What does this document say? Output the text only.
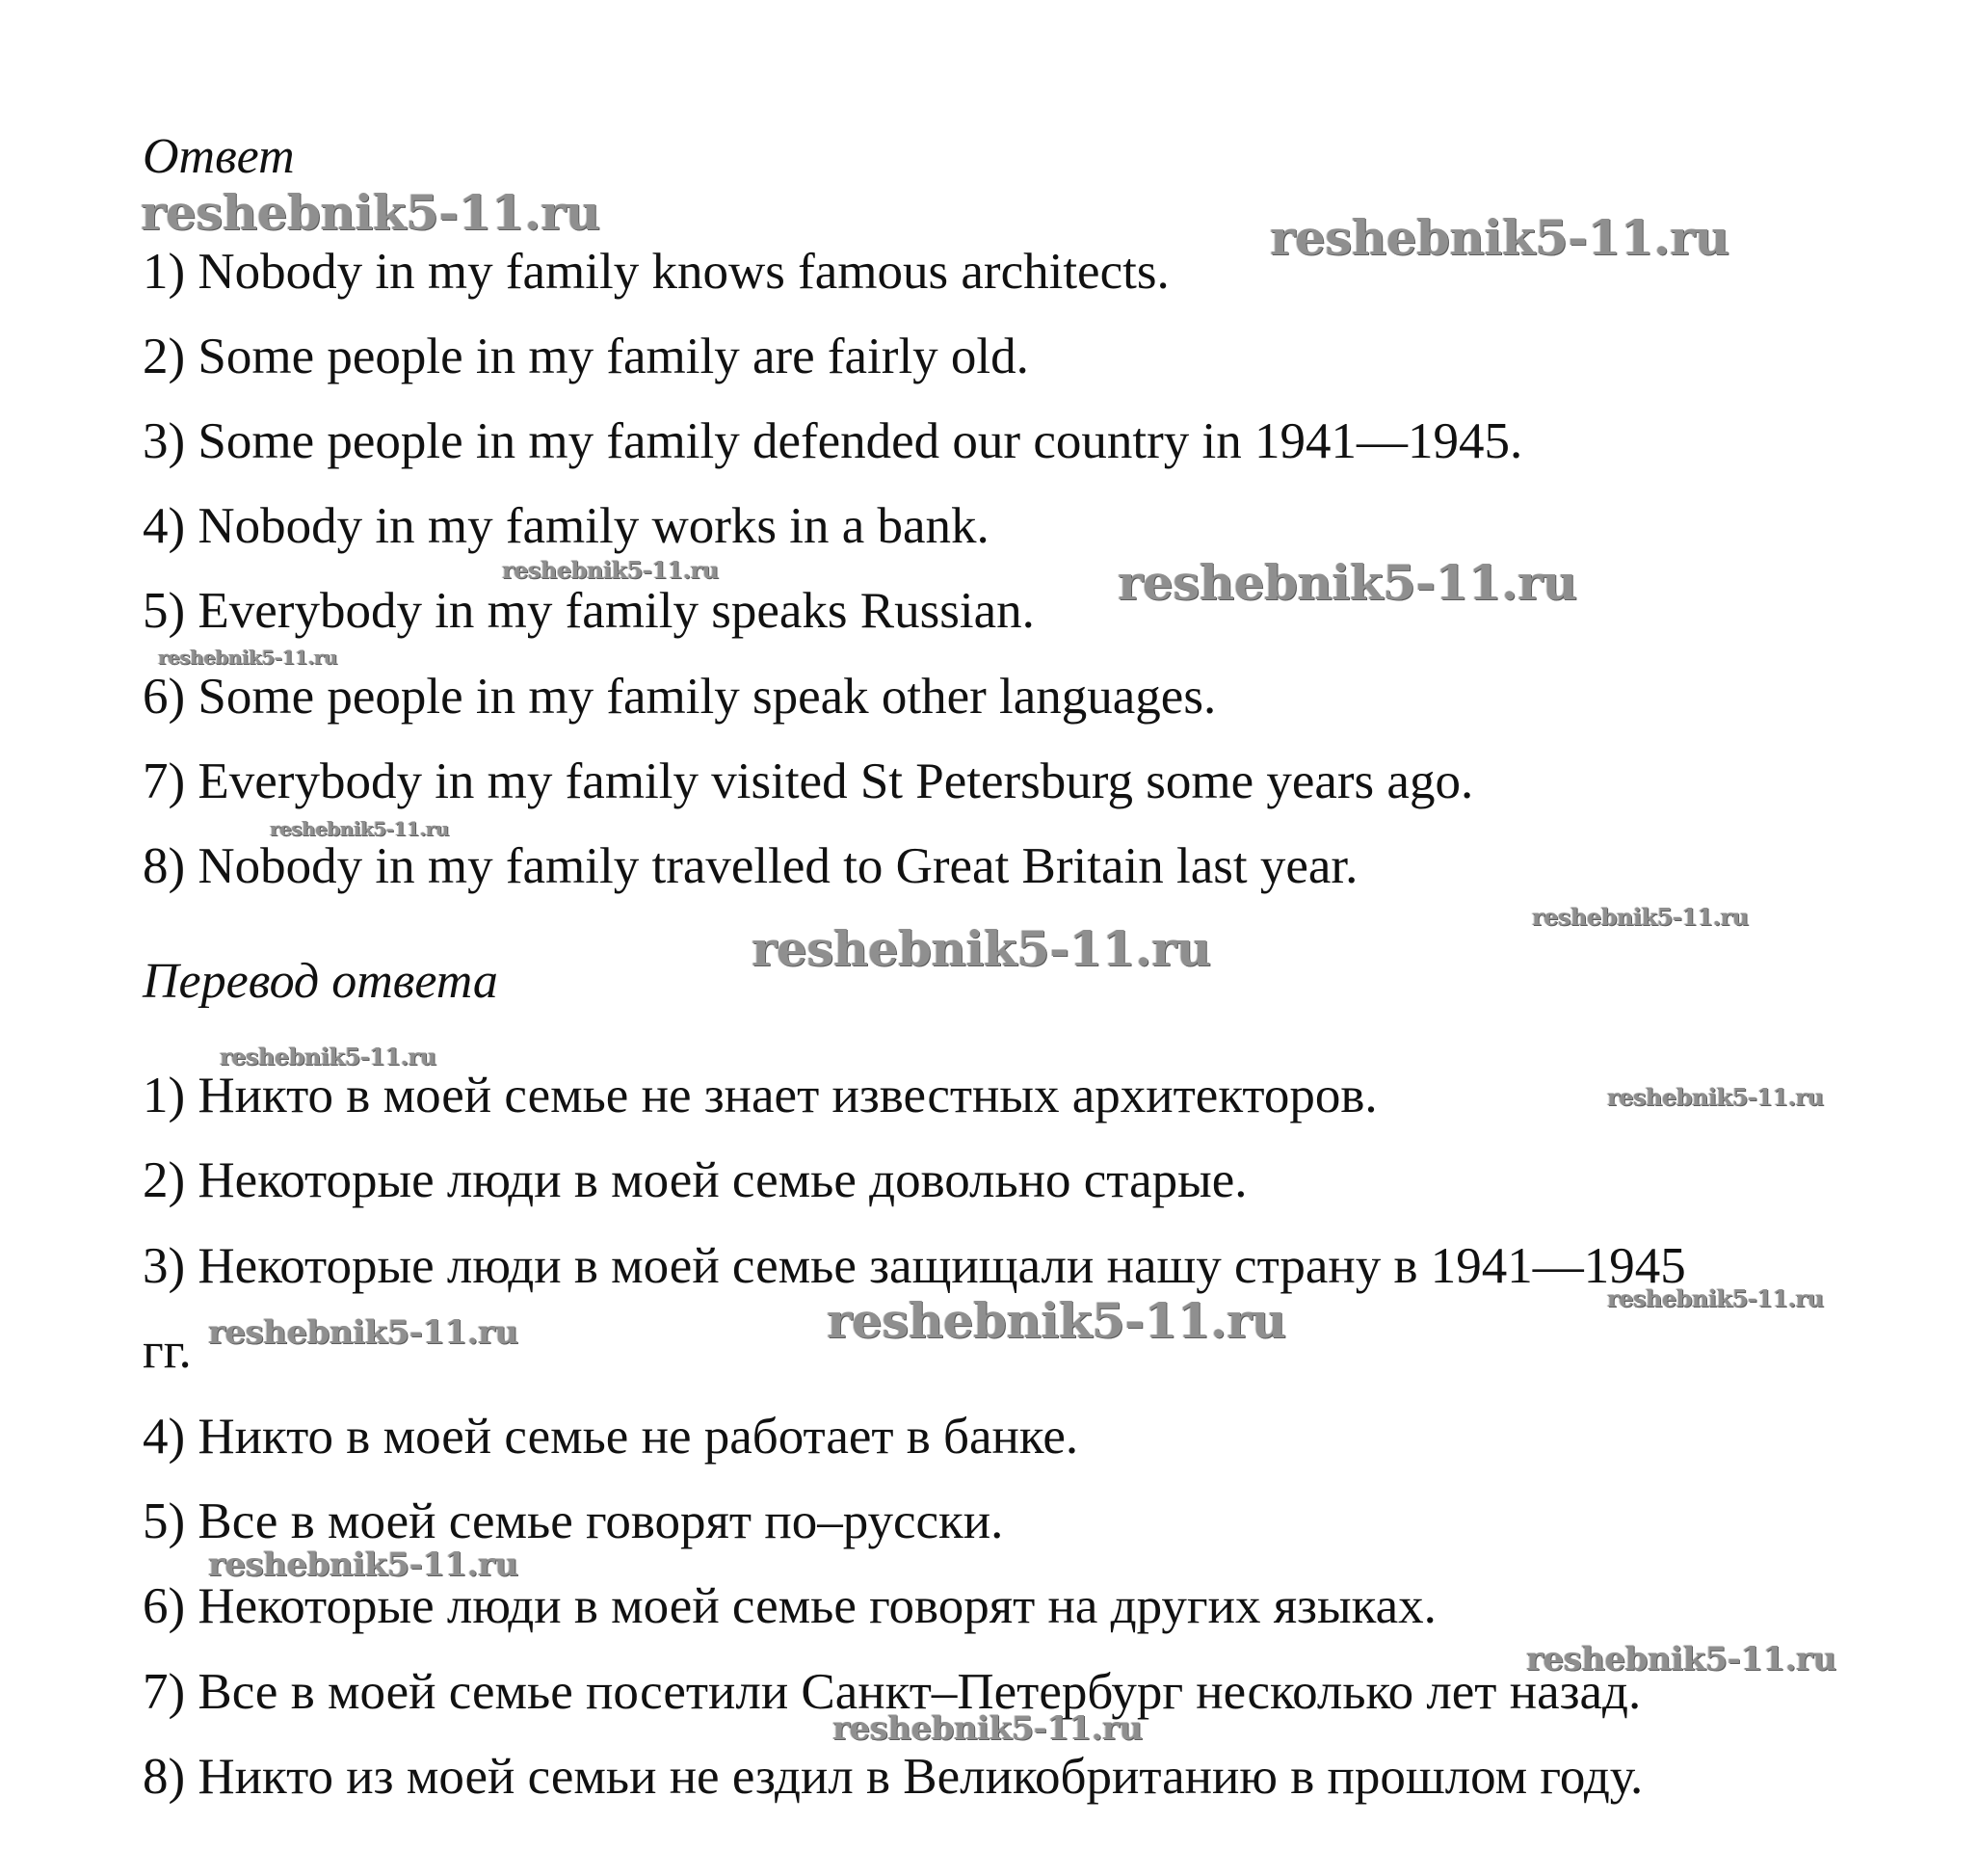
Ответ
1) Nobody in my family knows famous architects.
2) Some people in my family are fairly old.
3) Some people in my family defended our country in 1941—1945.
4) Nobody in my family works in a bank.
5) Everybody in my family speaks Russian.
6) Some people in my family speak other languages.
7) Everybody in my family visited St Petersburg some years ago.
8) Nobody in my family travelled to Great Britain last year.
Перевод ответа
1) Никто в моей семье не знает известных архитекторов.
2) Некоторые люди в моей семье довольно старые.
3) Некоторые люди в моей семье защищали нашу страну в 1941—1945
гг.
4) Никто в моей семье не работает в банке.
5) Все в моей семье говорят по–русски.
6) Некоторые люди в моей семье говорят на других языках.
7) Все в моей семье посетили Санкт–Петербург несколько лет назад.
8) Никто из моей семьи не ездил в Великобританию в прошлом году.
reshebnik5-11.ru	reshebnik5-11.ru
reshebnik5-11.ru	reshebnik5-11.ru
reshebnik5-11.ru
reshebnik5-11.ru
reshebnik5-11.ru
reshebnik5-11.ru
reshebnik5-11.ru
reshebnik5-11.ru
reshebnik5-11.ru
reshebnik5-11.ru	reshebnik5-11.ru
reshebnik5-11.ru
reshebnik5-11.ru
reshebnik5-11.ru
